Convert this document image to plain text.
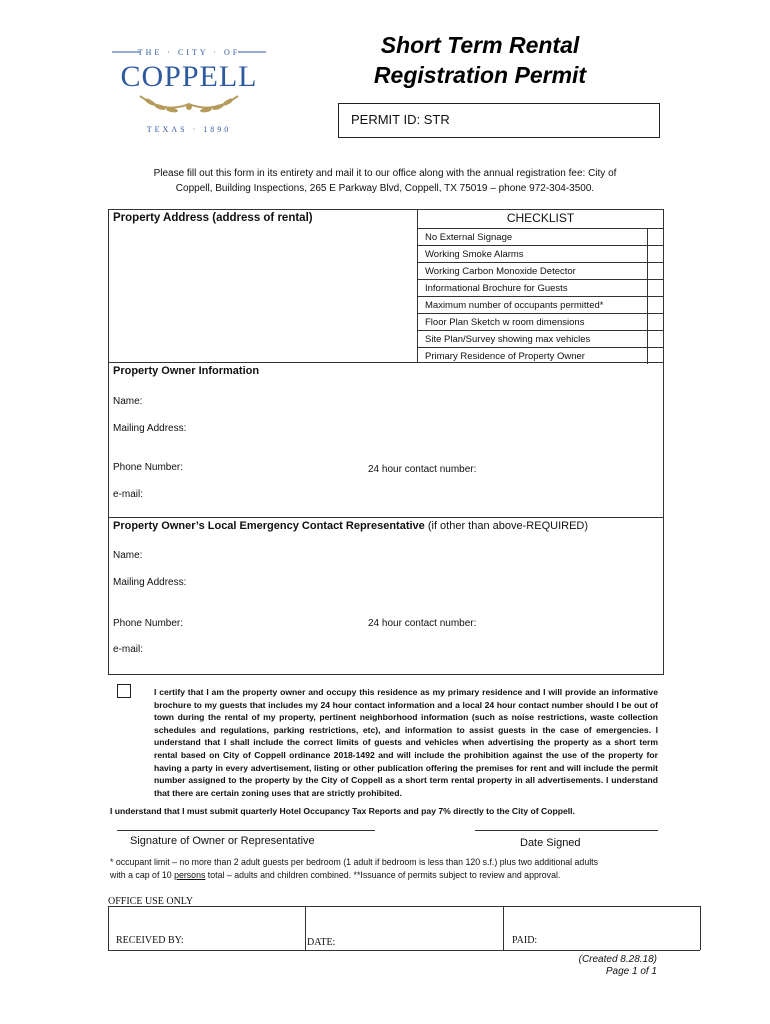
THE · CITY · OF
COPPELL
TEXAS · 1890
Short Term Rental
Registration Permit
PERMIT ID: STR
Please fill out this form in its entirety and mail it to our office along with the annual registration fee: City of
Coppell, Building Inspections, 265 E Parkway Blvd, Coppell, TX 75019 – phone 972-304-3500.
Property Address (address of rental)	CHECKLIST
No External Signage
Working Smoke Alarms
Working Carbon Monoxide Detector
Informational Brochure for Guests
Maximum number of occupants permitted*
Floor Plan Sketch w room dimensions
Site Plan/Survey showing max vehicles
Primary Residence of Property Owner
Property Owner Information
Name:
Mailing Address:
Phone Number:	24 hour contact number:
e-mail:
Property Owner’s Local Emergency Contact Representative (if other than above-REQUIRED)
Name:
Mailing Address:
Phone Number:	24 hour contact number:
e-mail:
I certify that I am the property owner and occupy this residence as my primary residence and I will provide an informative brochure to my guests that includes my 24 hour contact information and a local 24 hour contact number should I be out of town during the rental of my property, pertinent neighborhood information (such as noise restrictions, waste collection schedules and regulations, parking restrictions, etc), and information to assist guests in the case of emergencies. I understand that I shall include the correct limits of guests and vehicles when advertising the property as a short term rental based on City of Coppell ordinance 2018-1492 and will include the prohibition against the use of the property for having a party in every advertisement, listing or other publication offering the premises for rent and will include the permit number assigned to the property by the City of Coppell as a short term rental property in all advertisements. I understand that there are certain zoning uses that are strictly prohibited.
I understand that I must submit quarterly Hotel Occupancy Tax Reports and pay 7% directly to the City of Coppell.
Signature of Owner or Representative	Date Signed
* occupant limit – no more than 2 adult guests per bedroom (1 adult if bedroom is less than 120 s.f.) plus two additional adults
with a cap of 10 persons total – adults and children combined. **Issuance of permits subject to review and approval.
OFFICE USE ONLY
RECEIVED BY:	DATE:	PAID:
(Created 8.28.18)
Page 1 of 1
